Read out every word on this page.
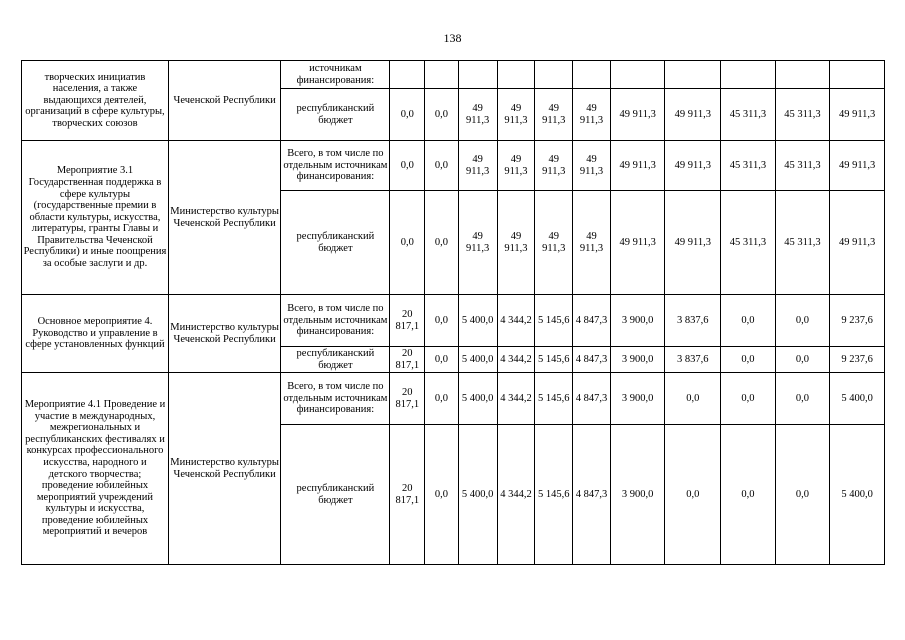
138
творческих инициатив населения, а также выдающихся деятелей, организаций в сфере культуры, творческих союзов	Чеченской Республики	источникам финансирования:											
		республиканский бюджет	0,0	0,0	49 911,3	49 911,3	49 911,3	49 911,3	49 911,3	49 911,3	45 311,3	45 311,3	49 911,3
Мероприятие 3.1 Государственная поддержка в сфере культуры (государственные премии в области культуры, искусства, литературы, гранты Главы и Правительства Чеченской Республики) и иные поощрения за особые заслуги и др.	Министерство культуры Чеченской Республики	Всего, в том числе по отдельным источникам финансирования:	0,0	0,0	49 911,3	49 911,3	49 911,3	49 911,3	49 911,3	49 911,3	45 311,3	45 311,3	49 911,3
		республиканский бюджет	0,0	0,0	49 911,3	49 911,3	49 911,3	49 911,3	49 911,3	49 911,3	45 311,3	45 311,3	49 911,3
Основное мероприятие 4. Руководство и управление в сфере установленных функций	Министерство культуры Чеченской Республики	Всего, в том числе по отдельным источникам финансирования:	20 817,1	0,0	5 400,0	4 344,2	5 145,6	4 847,3	3 900,0	3 837,6	0,0	0,0	9 237,6
		республиканский бюджет	20 817,1	0,0	5 400,0	4 344,2	5 145,6	4 847,3	3 900,0	3 837,6	0,0	0,0	9 237,6
Мероприятие 4.1 Проведение и участие в международных, межрегиональных и республиканских фестивалях и конкурсах профессионального искусства, народного и детского творчества; проведение юбилейных мероприятий учреждений культуры и искусства, проведение юбилейных мероприятий и вечеров	Министерство культуры Чеченской Республики	Всего, в том числе по отдельным источникам финансирования:	20 817,1	0,0	5 400,0	4 344,2	5 145,6	4 847,3	3 900,0	0,0	0,0	0,0	5 400,0
		республиканский бюджет	20 817,1	0,0	5 400,0	4 344,2	5 145,6	4 847,3	3 900,0	0,0	0,0	0,0	5 400,0
